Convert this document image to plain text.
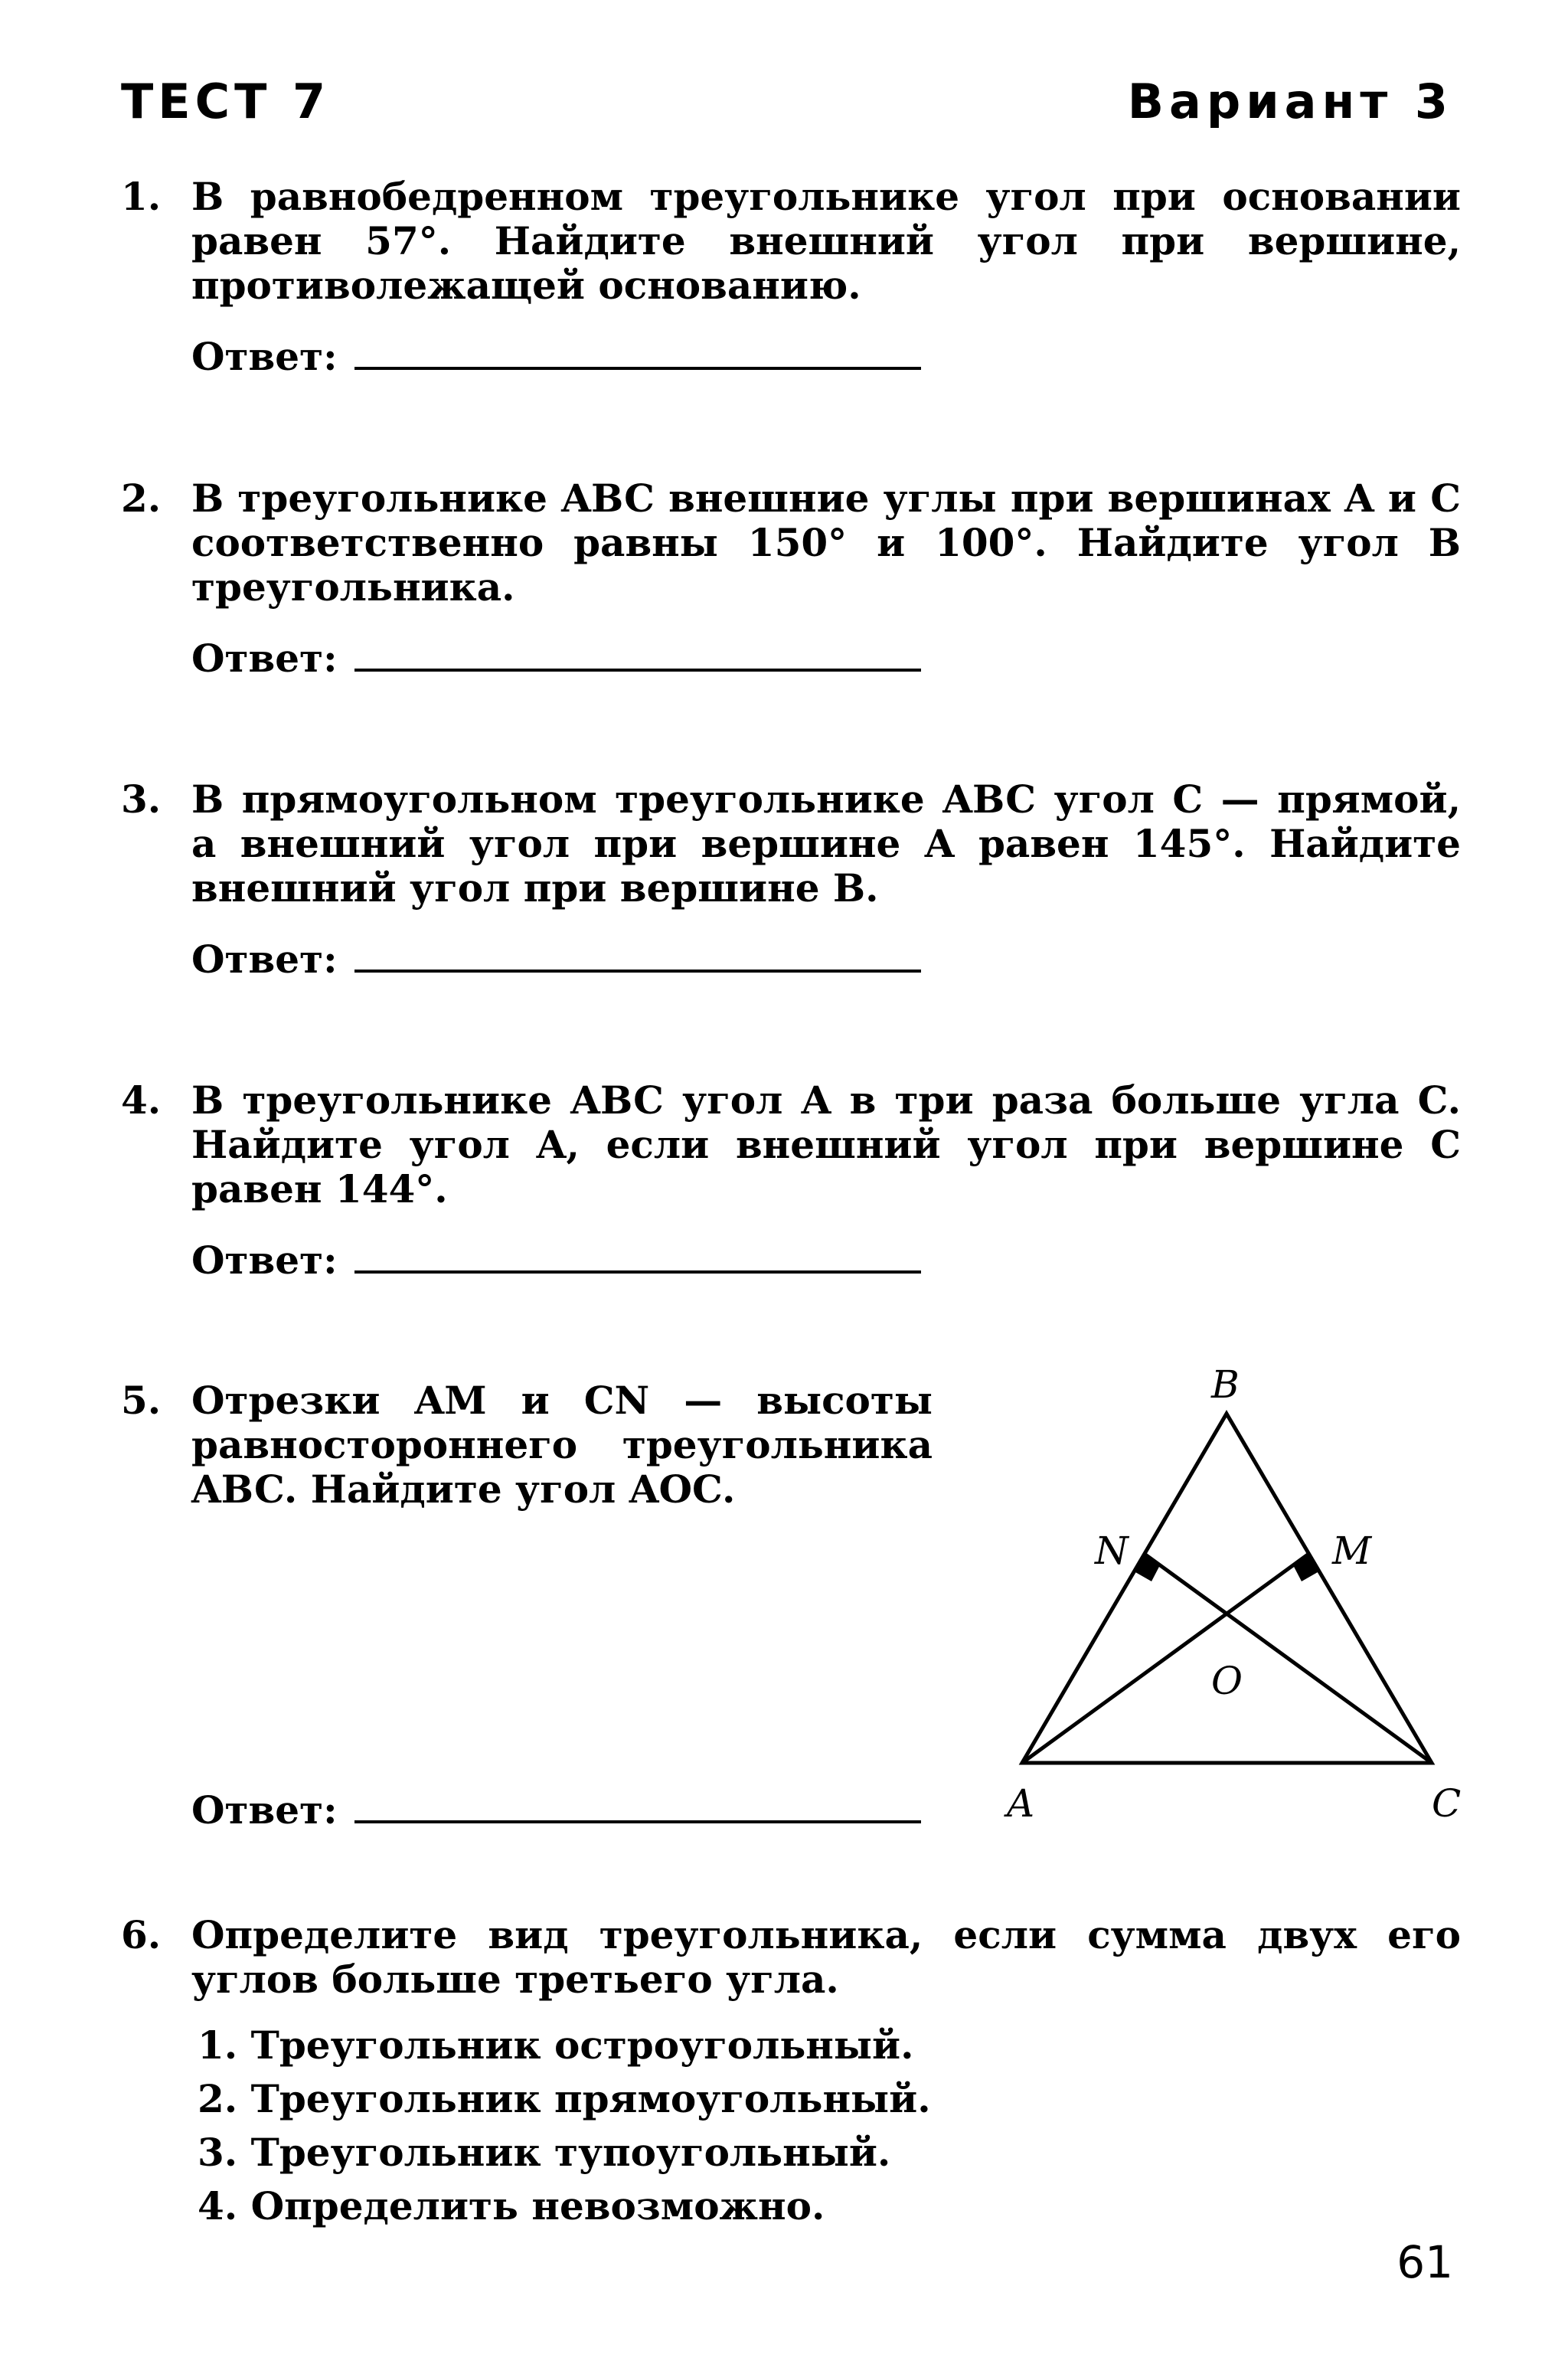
ТЕСТ 7	Вариант 3
1. В равнобедренном треугольнике угол при основании равен 57°. Найдите внешний угол при вершине, противолежащей основанию.
Ответ:
2. В треугольнике ABC внешние углы при вершинах A и C соответственно равны 150° и 100°. Найдите угол B треугольника.
Ответ:
3. В прямоугольном треугольнике ABC угол C — прямой, а внешний угол при вершине A равен 145°. Найдите внешний угол при вершине B.
Ответ:
4. В треугольнике ABC угол A в три раза больше угла C. Найдите угол A, если внешний угол при вершине C равен 144°.
Ответ:
5. Отрезки AM и CN — высоты равностороннего треугольника ABC. Найдите угол AOC.
Ответ:
B
N	M
O
A	C
6. Определите вид треугольника, если сумма двух его углов больше третьего угла.
1. Треугольник остроугольный.
2. Треугольник прямоугольный.
3. Треугольник тупоугольный.
4. Определить невозможно.
61
